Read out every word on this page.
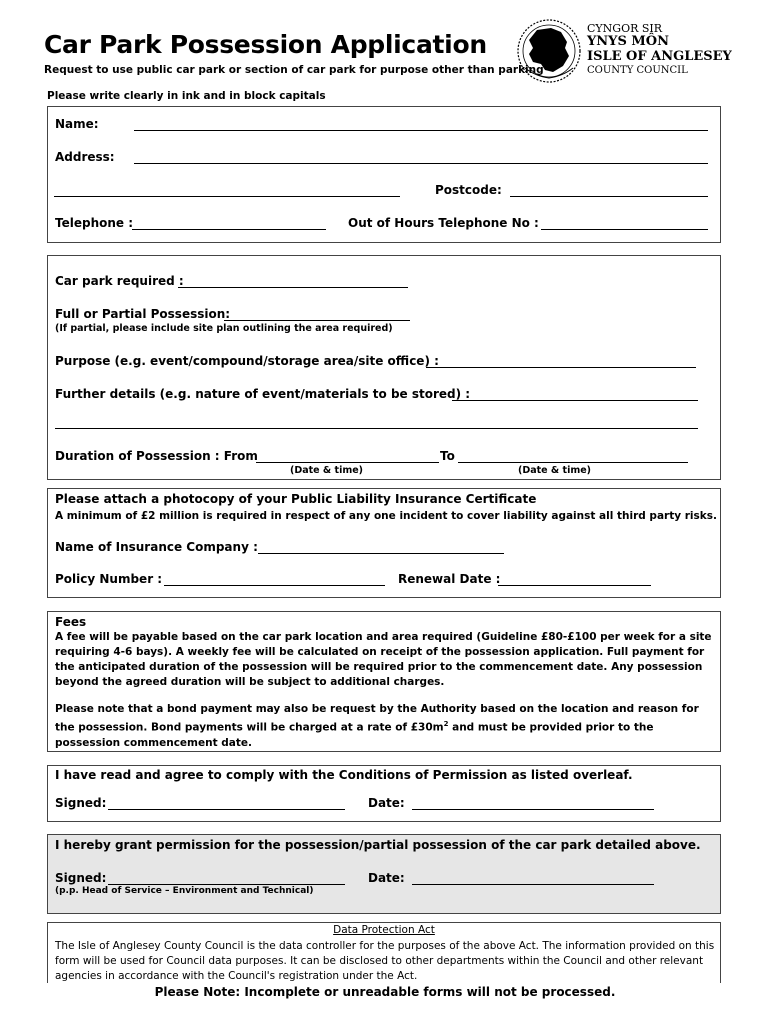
Car Park Possession Application
Request to use public car park or section of car park for purpose other than parking
Please write clearly in ink and in block capitals
CYNGOR SIR
YNYS MÔN
ISLE OF ANGLESEY
COUNTY COUNCIL
Name:
Address:
Postcode:
Telephone :	Out of Hours Telephone No :
Car park required :
Full or Partial Possession:
(If partial, please include site plan outlining the area required)
Purpose (e.g. event/compound/storage area/site office) :
Further details (e.g. nature of event/materials to be stored) :
Duration of Possession : From	To
(Date & time)	(Date & time)
Please attach a photocopy of your Public Liability Insurance Certificate
A minimum of £2 million is required in respect of any one incident to cover liability against all third party risks.
Name of Insurance Company :
Policy Number :	Renewal Date :
Fees
A fee will be payable based on the car park location and area required (Guideline £80-£100 per week for a site requiring 4-6 bays). A weekly fee will be calculated on receipt of the possession application. Full payment for the anticipated duration of the possession will be required prior to the commencement date. Any possession beyond the agreed duration will be subject to additional charges.
Please note that a bond payment may also be request by the Authority based on the location and reason for the possession. Bond payments will be charged at a rate of $£30m^2$ and must be provided prior to the possession commencement date.
I have read and agree to comply with the Conditions of Permission as listed overleaf.
Signed:	Date:
I hereby grant permission for the possession/partial possession of the car park detailed above.
Signed:	Date:
(p.p. Head of Service – Environment and Technical)
Data Protection Act
The Isle of Anglesey County Council is the data controller for the purposes of the above Act. The information provided on this form will be used for Council data purposes. It can be disclosed to other departments within the Council and other relevant agencies in accordance with the Council's registration under the Act.
Please Note: Incomplete or unreadable forms will not be processed.
